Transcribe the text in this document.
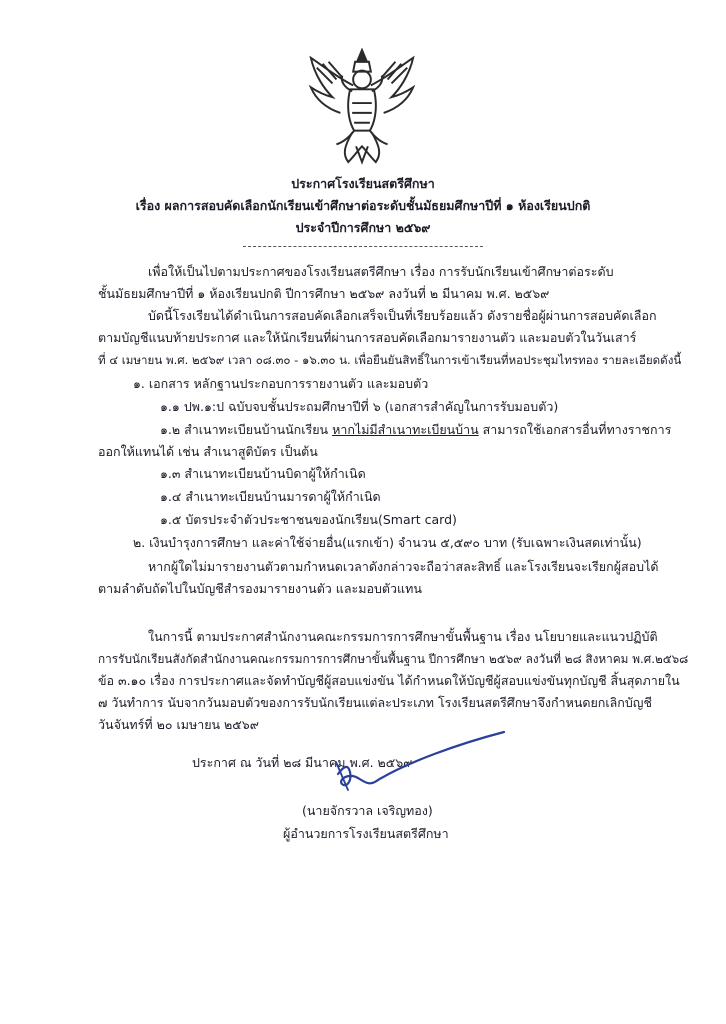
ประกาศโรงเรียนสตรีศึกษา
เรื่อง ผลการสอบคัดเลือกนักเรียนเข้าศึกษาต่อระดับชั้นมัธยมศึกษาปีที่ ๑ ห้องเรียนปกติ
ประจำปีการศึกษา ๒๕๖๙
เพื่อให้เป็นไปตามประกาศของโรงเรียนสตรีศึกษา เรื่อง การรับนักเรียนเข้าศึกษาต่อระดับ
ชั้นมัธยมศึกษาปีที่ ๑ ห้องเรียนปกติ ปีการศึกษา ๒๕๖๙ ลงวันที่ ๒ มีนาคม พ.ศ. ๒๕๖๙
บัดนี้โรงเรียนได้ดำเนินการสอบคัดเลือกเสร็จเป็นที่เรียบร้อยแล้ว ดังรายชื่อผู้ผ่านการสอบคัดเลือก
ตามบัญชีแนบท้ายประกาศ และให้นักเรียนที่ผ่านการสอบคัดเลือกมารายงานตัว และมอบตัวในวันเสาร์
ที่ ๔ เมษายน พ.ศ. ๒๕๖๙ เวลา ๐๘.๓๐ - ๑๖.๓๐ น. เพื่อยืนยันสิทธิ์ในการเข้าเรียนที่หอประชุมไทรทอง รายละเอียดดังนี้
๑. เอกสาร หลักฐานประกอบการรายงานตัว และมอบตัว
๑.๑ ปพ.๑:ป ฉบับจบชั้นประถมศึกษาปีที่ ๖ (เอกสารสำคัญในการรับมอบตัว)
๑.๒ สำเนาทะเบียนบ้านนักเรียน หากไม่มีสำเนาทะเบียนบ้าน สามารถใช้เอกสารอื่นที่ทางราชการ
ออกให้แทนได้ เช่น สำเนาสูติบัตร เป็นต้น
๑.๓ สำเนาทะเบียนบ้านบิดาผู้ให้กำเนิด
๑.๔ สำเนาทะเบียนบ้านมารดาผู้ให้กำเนิด
๑.๕ บัตรประจำตัวประชาชนของนักเรียน(Smart card)
๒. เงินบำรุงการศึกษา และค่าใช้จ่ายอื่น(แรกเข้า) จำนวน ๕,๕๙๐ บาท (รับเฉพาะเงินสดเท่านั้น)
หากผู้ใดไม่มารายงานตัวตามกำหนดเวลาดังกล่าวจะถือว่าสละสิทธิ์ และโรงเรียนจะเรียกผู้สอบได้
ตามลำดับถัดไปในบัญชีสำรองมารายงานตัว และมอบตัวแทน
ในการนี้ ตามประกาศสำนักงานคณะกรรมการการศึกษาขั้นพื้นฐาน เรื่อง นโยบายและแนวปฏิบัติ
การรับนักเรียนสังกัดสำนักงานคณะกรรมการการศึกษาขั้นพื้นฐาน ปีการศึกษา ๒๕๖๙ ลงวันที่ ๒๘ สิงหาคม พ.ศ.๒๕๖๘
ข้อ ๓.๑๐ เรื่อง การประกาศและจัดทำบัญชีผู้สอบแข่งขัน ได้กำหนดให้บัญชีผู้สอบแข่งขันทุกบัญชี สิ้นสุดภายใน
๗ วันทำการ นับจากวันมอบตัวของการรับนักเรียนแต่ละประเภท โรงเรียนสตรีศึกษาจึงกำหนดยกเลิกบัญชี
วันจันทร์ที่ ๒๐ เมษายน ๒๕๖๙
ประกาศ ณ วันที่ ๒๘ มีนาคม พ.ศ. ๒๕๖๙
(นายจักรวาล เจริญทอง)
ผู้อำนวยการโรงเรียนสตรีศึกษา
